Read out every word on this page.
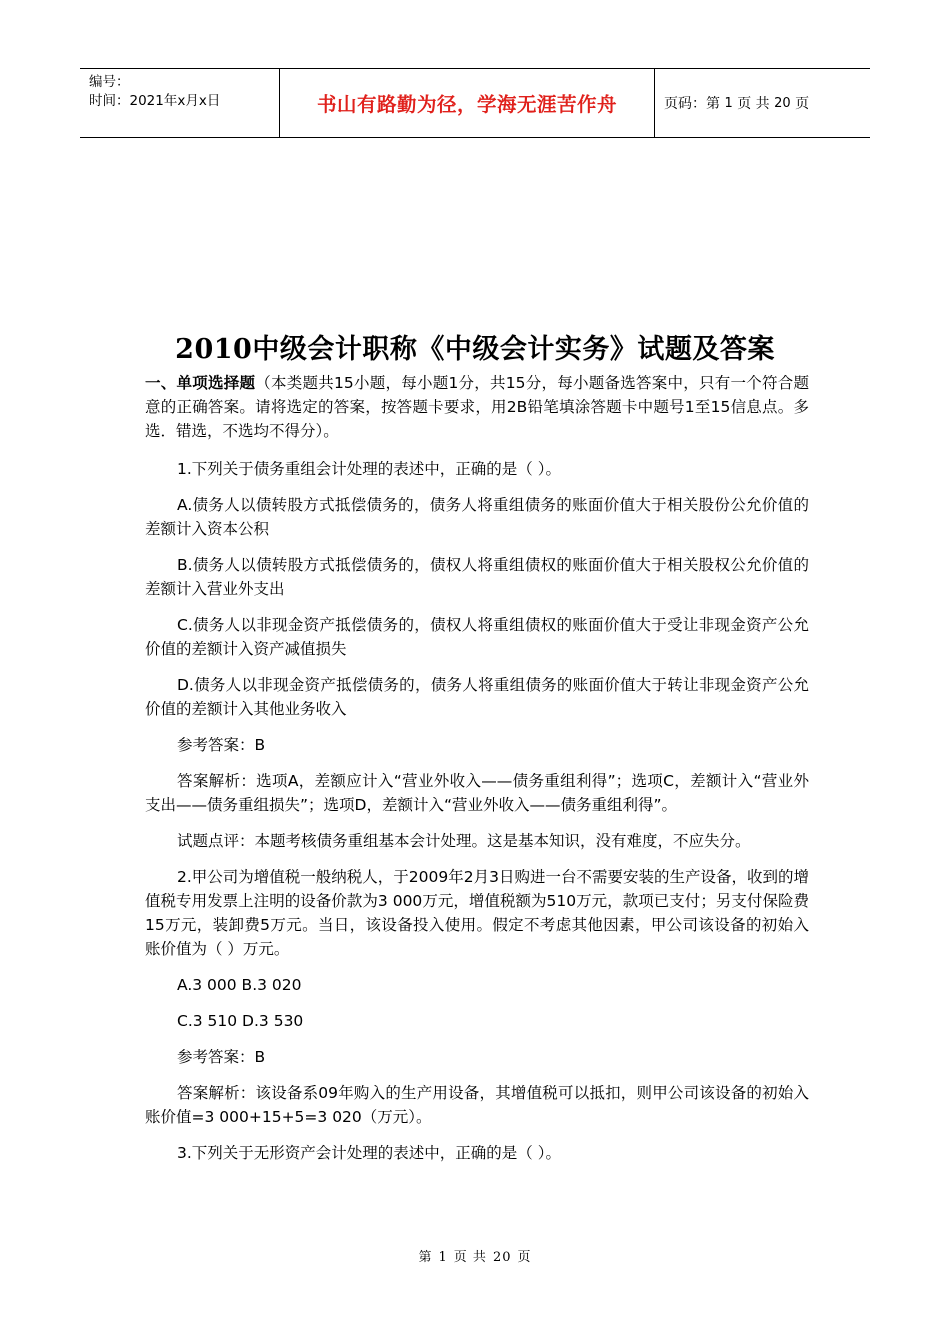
编号：
时间：2021年x月x日	书山有路勤为径，学海无涯苦作舟	页码：第
1
页 共
20
页
2010中级会计职称《中级会计实务》试题及答案

一、单项选择题（本类题共15小题，每小题1分，共15分，每小题备选答案中，只有一个符合题意的正确答案。请将选定的答案，按答题卡要求，用2B铅笔填涂答题卡中题号1至15信息点。多选．错选，不选均不得分）。

1.下列关于债务重组会计处理的表述中，正确的是（ ）。

A.债务人以债转股方式抵偿债务的，债务人将重组债务的账面价值大于相关股份公允价值的差额计入资本公积

B.债务人以债转股方式抵偿债务的，债权人将重组债权的账面价值大于相关股权公允价值的差额计入营业外支出

C.债务人以非现金资产抵偿债务的，债权人将重组债权的账面价值大于受让非现金资产公允价值的差额计入资产减值损失

D.债务人以非现金资产抵偿债务的，债务人将重组债务的账面价值大于转让非现金资产公允价值的差额计入其他业务收入

参考答案：B

答案解析：选项A，差额应计入“营业外收入——债务重组利得”；选项C，差额计入“营业外支出——债务重组损失”；选项D，差额计入“营业外收入——债务重组利得”。

试题点评：本题考核债务重组基本会计处理。这是基本知识，没有难度，不应失分。

2.甲公司为增值税一般纳税人，于2009年2月3日购进一台不需要安装的生产设备，收到的增值税专用发票上注明的设备价款为3 000万元，增值税额为510万元，款项已支付；另支付保险费15万元，装卸费5万元。当日，该设备投入使用。假定不考虑其他因素，甲公司该设备的初始入账价值为（ ）万元。

A.3 000 B.3 020

C.3 510 D.3 530

参考答案：B

答案解析：该设备系09年购入的生产用设备，其增值税可以抵扣，则甲公司该设备的初始入账价值=3 000+15+5=3 020（万元）。

3.下列关于无形资产会计处理的表述中，正确的是（ ）。

第 1 页 共 20 页
